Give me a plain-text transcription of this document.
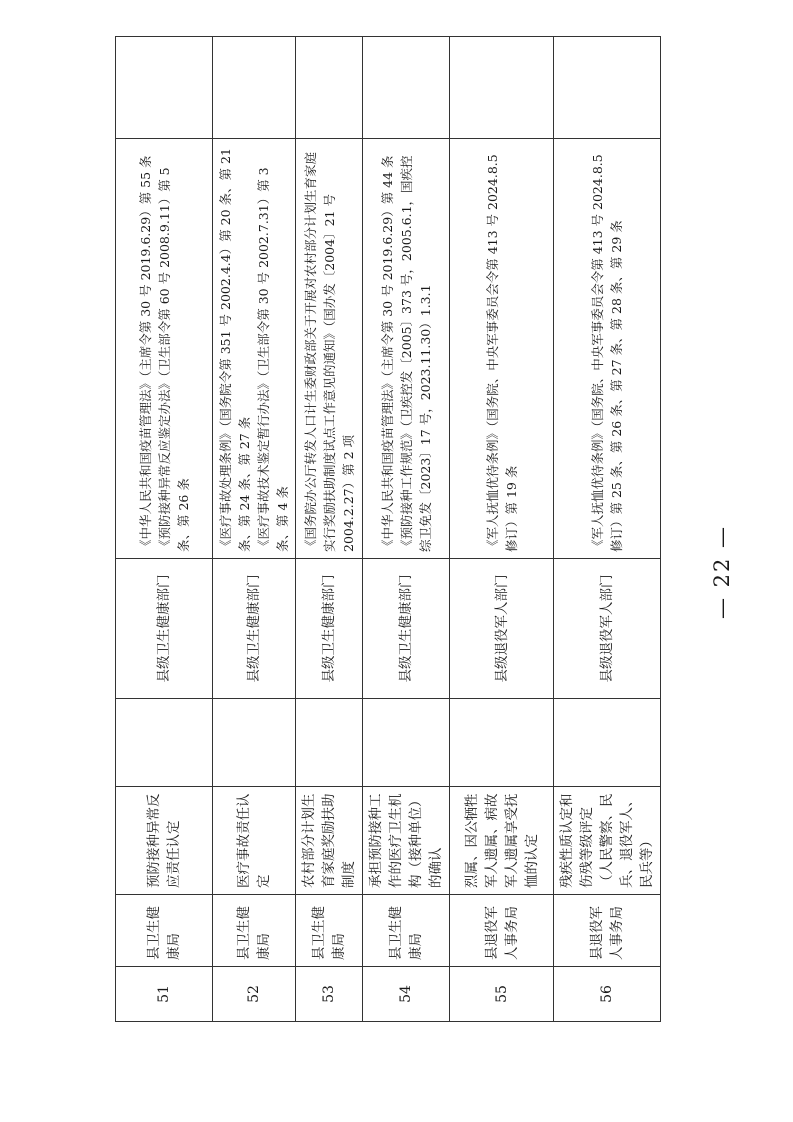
51	县卫生健康局	预防接种异常反应责任认定		县级卫生健康部门	《中华人民共和国疫苗管理法》（主席令第 30 号 2019.6.29）第 55 条 《预防接种异常反应鉴定办法》（卫生部令第 60 号 2008.9.11）第 5 条、第 26 条	

52	县卫生健康局	医疗事故责任认定		县级卫生健康部门	《医疗事故处理条例》（国务院令第 351 号 2002.4.4）第 20 条、第 21 条、第 24 条、第 27 条 《医疗事故技术鉴定暂行办法》（卫生部令第 30 号 2002.7.31）第 3 条、第 4 条	

53	县卫生健康局	农村部分计划生育家庭奖励扶助制度		县级卫生健康部门	《国务院办公厅转发人口计生委财政部关于开展对农村部分计划生育家庭实行奖励扶助制度试点工作意见的通知》（国办发〔2004〕21 号 2004.2.27）第 2 项	

54	县卫生健康局	承担预防接种工作的医疗卫生机构（接种单位）的确认		县级卫生健康部门	《中华人民共和国疫苗管理法》（主席令第 30 号 2019.6.29）第 44 条 《预防接种工作规范》（卫疾控发〔2005〕373 号，2005.6.1，国疾控综卫免发〔2023〕17 号，2023.11.30）1.3.1	

55	县退役军人事务局	烈属、因公牺牲军人遗属、病故军人遗属享受抚恤的认定		县级退役军人部门	《军人抚恤优待条例》（国务院、中央军事委员会令第 413 号 2024.8.5 修订）第 19 条	

56	县退役军人事务局	残疾性质认定和伤残等级评定（人民警察、民兵、退役军人、民兵等）		县级退役军人部门	《军人抚恤优待条例》（国务院、中央军事委员会令第 413 号 2024.8.5 修订）第 25 条、第 26 条、第 27 条、第 28 条、第 29 条	

— 22 —
